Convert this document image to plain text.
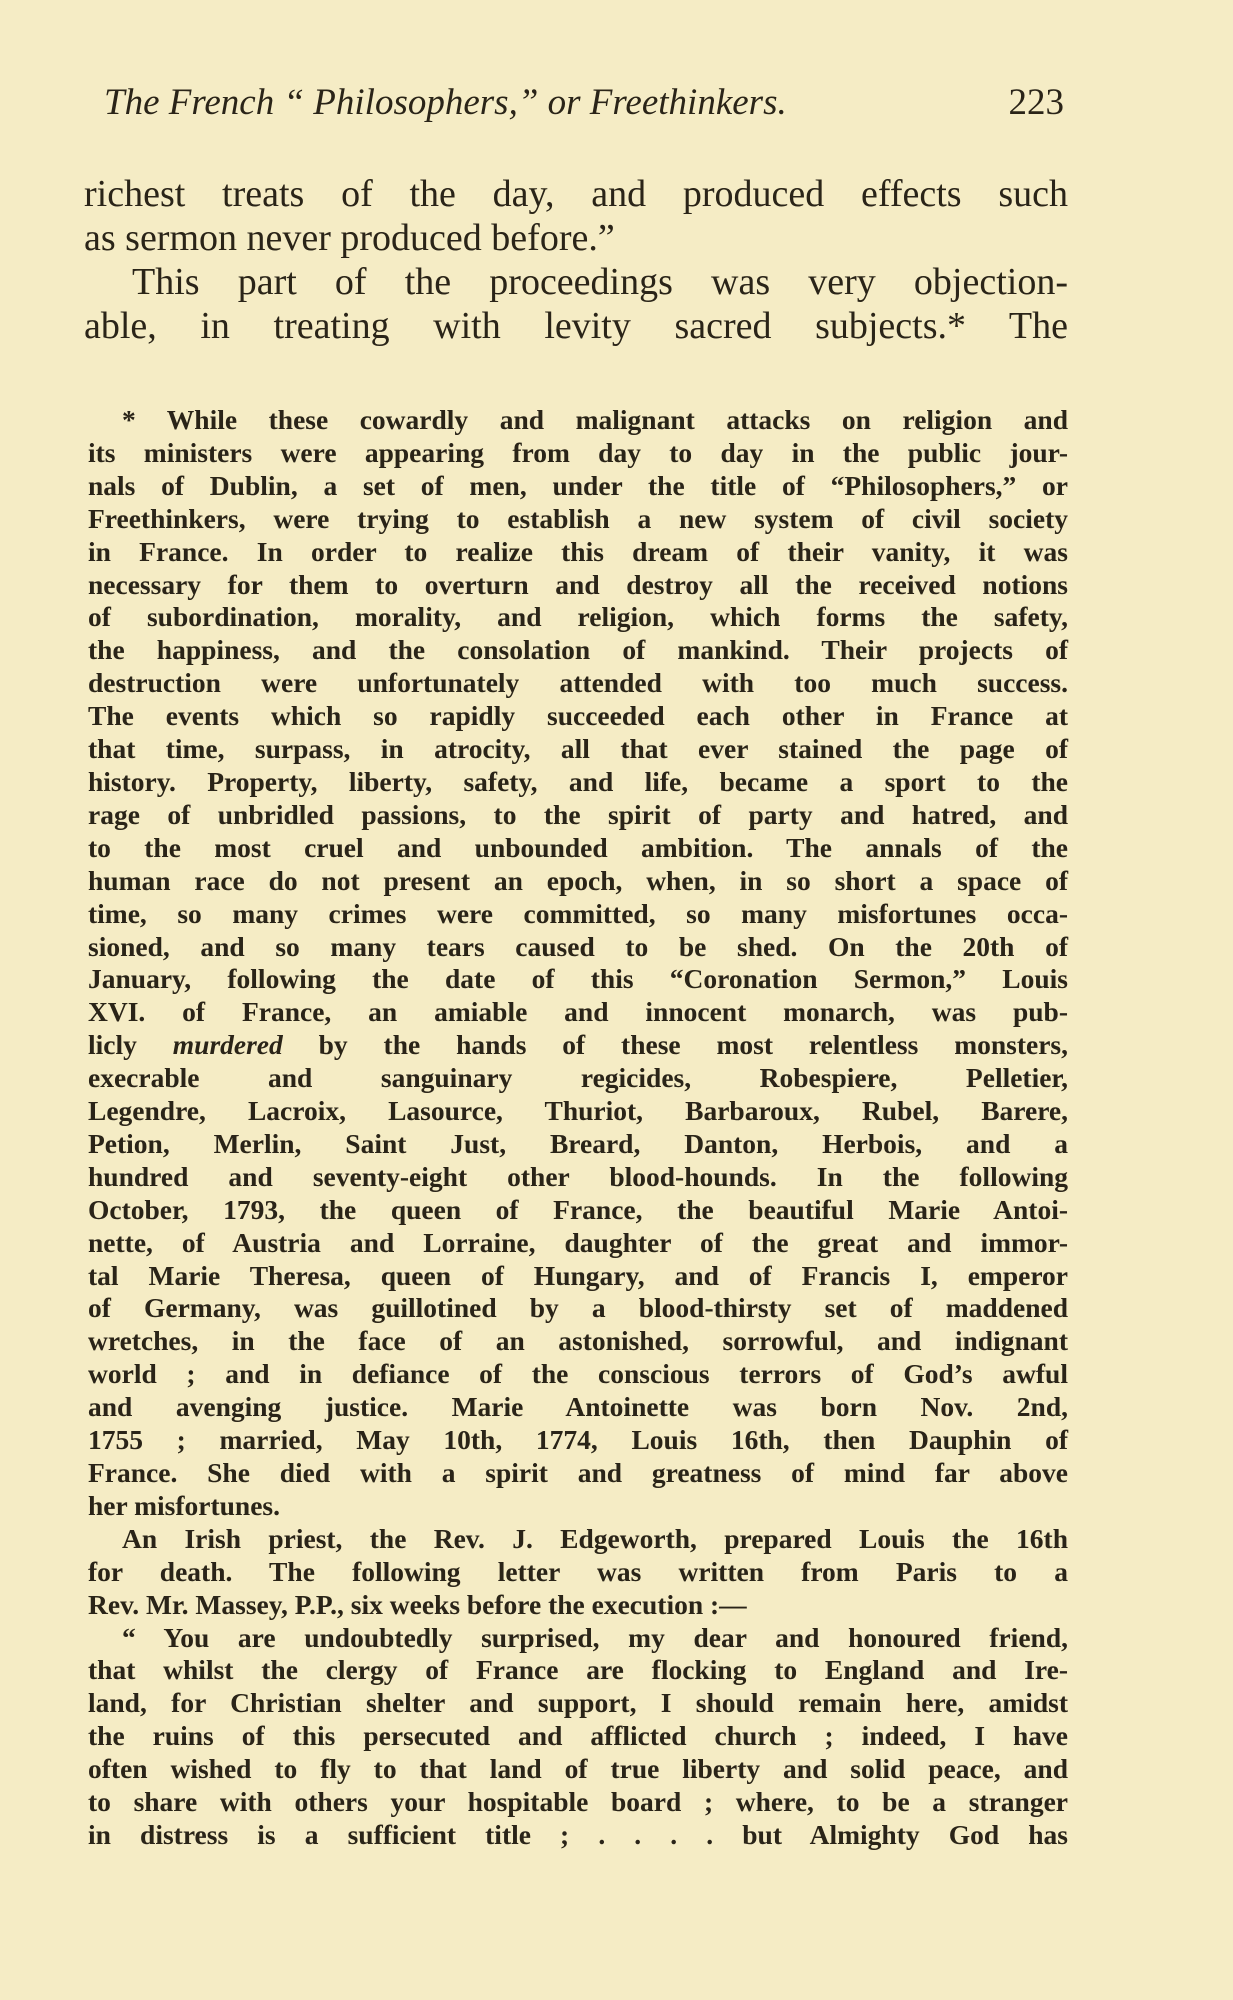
The French “ Philosophers,” or Freethinkers.	223
richest treats of the day, and produced effects such
as sermon never produced before.”
This part of the proceedings was very objection-
able, in treating with levity sacred subjects.* The
* While these cowardly and malignant attacks on religion and
its ministers were appearing from day to day in the public jour-
nals of Dublin, a set of men, under the title of “Philosophers,” or
Freethinkers, were trying to establish a new system of civil society
in France. In order to realize this dream of their vanity, it was
necessary for them to overturn and destroy all the received notions
of subordination, morality, and religion, which forms the safety,
the happiness, and the consolation of mankind. Their projects of
destruction were unfortunately attended with too much success.
The events which so rapidly succeeded each other in France at
that time, surpass, in atrocity, all that ever stained the page of
history. Property, liberty, safety, and life, became a sport to the
rage of unbridled passions, to the spirit of party and hatred, and
to the most cruel and unbounded ambition. The annals of the
human race do not present an epoch, when, in so short a space of
time, so many crimes were committed, so many misfortunes occa-
sioned, and so many tears caused to be shed. On the 20th of
January, following the date of this “Coronation Sermon,” Louis
XVI. of France, an amiable and innocent monarch, was pub-
licly murdered by the hands of these most relentless monsters,
execrable and sanguinary regicides, Robespiere, Pelletier,
Legendre, Lacroix, Lasource, Thuriot, Barbaroux, Rubel, Barere,
Petion, Merlin, Saint Just, Breard, Danton, Herbois, and a
hundred and seventy-eight other blood-hounds. In the following
October, 1793, the queen of France, the beautiful Marie Antoi-
nette, of Austria and Lorraine, daughter of the great and immor-
tal Marie Theresa, queen of Hungary, and of Francis I, emperor
of Germany, was guillotined by a blood-thirsty set of maddened
wretches, in the face of an astonished, sorrowful, and indignant
world ; and in defiance of the conscious terrors of God’s awful
and avenging justice. Marie Antoinette was born Nov. 2nd,
1755 ; married, May 10th, 1774, Louis 16th, then Dauphin of
France. She died with a spirit and greatness of mind far above
her misfortunes.
An Irish priest, the Rev. J. Edgeworth, prepared Louis the 16th
for death. The following letter was written from Paris to a
Rev. Mr. Massey, P.P., six weeks before the execution :—
“ You are undoubtedly surprised, my dear and honoured friend,
that whilst the clergy of France are flocking to England and Ire-
land, for Christian shelter and support, I should remain here, amidst
the ruins of this persecuted and afflicted church ; indeed, I have
often wished to fly to that land of true liberty and solid peace, and
to share with others your hospitable board ; where, to be a stranger
in distress is a sufficient title ; . . . . but Almighty God has
